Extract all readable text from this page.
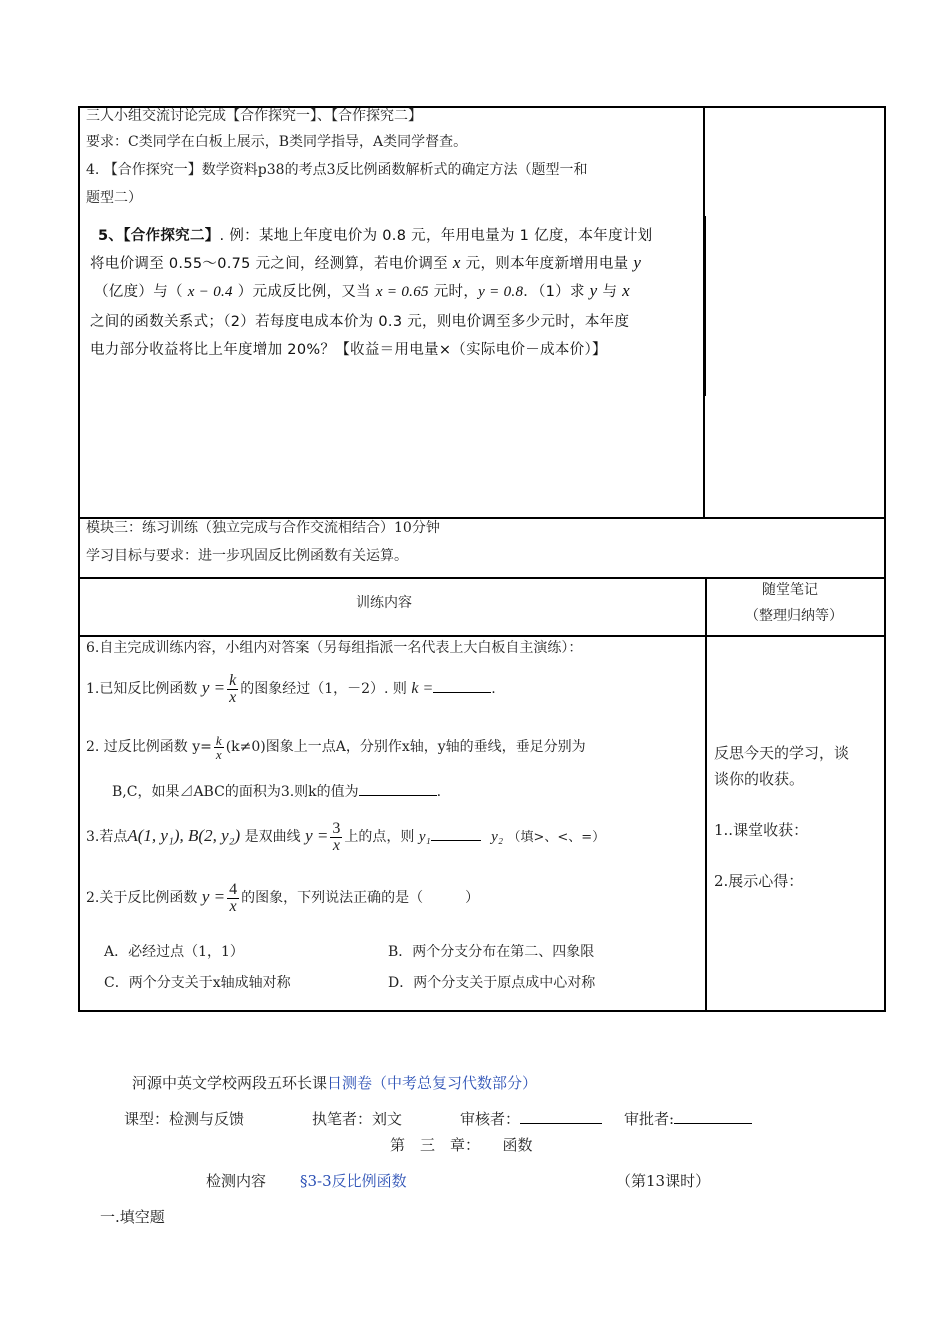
三人小组交流讨论完成【合作探究一】、【合作探究二】
要求：C类同学在白板上展示，B类同学指导，A类同学督查。
4. 【合作探究一】数学资料p38的考点3反比例函数解析式的确定方法（题型一和
题型二）
5、【合作探究二】. 例：某地上年度电价为 0.8 元，年用电量为 1 亿度，本年度计划
将电价调至 0.55～0.75 元之间，经测算，若电价调至 x 元，则本年度新增用电量 y
（亿度）与（ x − 0.4 ）元成反比例，又当 x = 0.65 元时，y = 0.8．（1）求 y 与 x
之间的函数关系式；（2）若每度电成本价为 0.3 元，则电价调至多少元时，本年度
电力部分收益将比上年度增加 20%？【收益＝用电量×（实际电价－成本价）】
模块三：练习训练（独立完成与合作交流相结合）10分钟
学习目标与要求：进一步巩固反比例函数有关运算。
训练内容
随堂笔记
（整理归纳等）
6.自主完成训练内容，小组内对答案（另每组指派一名代表上大白板自主演练）：
1.已知反比例函数 $y = \frac{k}{x}$ 的图象经过（1，－2）. 则 k =	.
2. 过反比例函数 $y= \frac{k}{x} (k\ne 0)$图象上一点A，分别作x轴，y轴的垂线，垂足分别为
B,C，如果⊿ABC的面积为3.则k的值为	.
3.若点A(1, y₁), B(2, y₂) 是双曲线 $y = \frac{3}{x}$ 上的点，则 y₁	y₂ （填>、<、=）
2.关于反比例函数 $y = \frac{4}{x}$ 的图象，下列说法正确的是（　　　）
A．必经过点（1，1）	B．两个分支分布在第二、四象限
C．两个分支关于x轴成轴对称	D．两个分支关于原点成中心对称
反思今天的学习，谈
谈你的收获。
1..课堂收获：
2.展示心得：
河源中英文学校两段五环长课日测卷（中考总复习代数部分）
课型：检测与反馈	执笔者：刘文	审核者：	审批者:
第　三　章：　　函数
检测内容 §3-3反比例函数	（第13课时）
一.填空题
